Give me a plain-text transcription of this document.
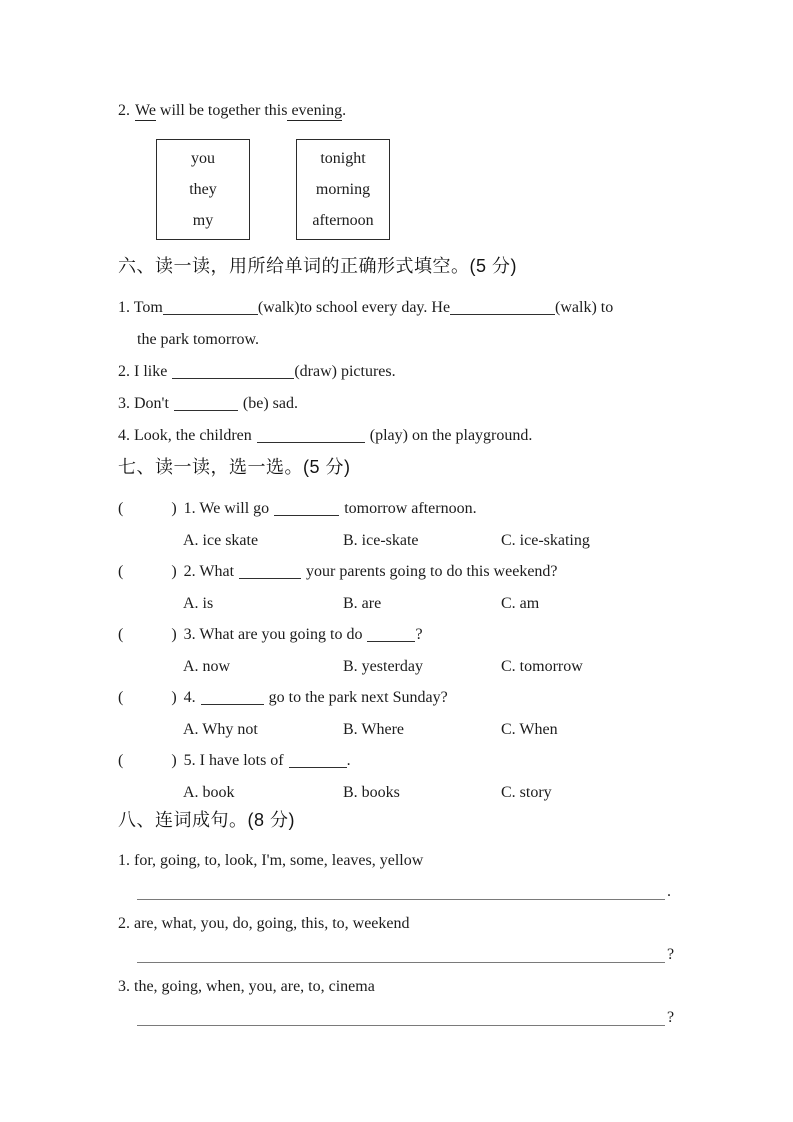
2. We will be together this evening.
you
they
my
tonight
morning
afternoon
六、读一读，用所给单词的正确形式填空。(5 分)
1. Tom	(walk)to school every day. He	(walk) to
the park tomorrow.
2. I like	(draw) pictures.
3. Don't	(be) sad.
4. Look, the children	(play) on the playground.
七、读一读，选一选。(5 分)
(	) 1. We will go	tomorrow afternoon.
A. ice skate	B. ice-skate	C. ice-skating
(	) 2. What	your parents going to do this weekend?
A. is	B. are	C. am
(	) 3. What are you going to do	?
A. now	B. yesterday	C. tomorrow
(	) 4.	go to the park next Sunday?
A. Why not	B. Where	C. When
(	) 5. I have lots of	.
A. book	B. books	C. story
八、连词成句。(8 分)
1. for, going, to, look, I'm, some, leaves, yellow
.
2. are, what, you, do, going, this, to, weekend
?
3. the, going, when, you, are, to, cinema
?
